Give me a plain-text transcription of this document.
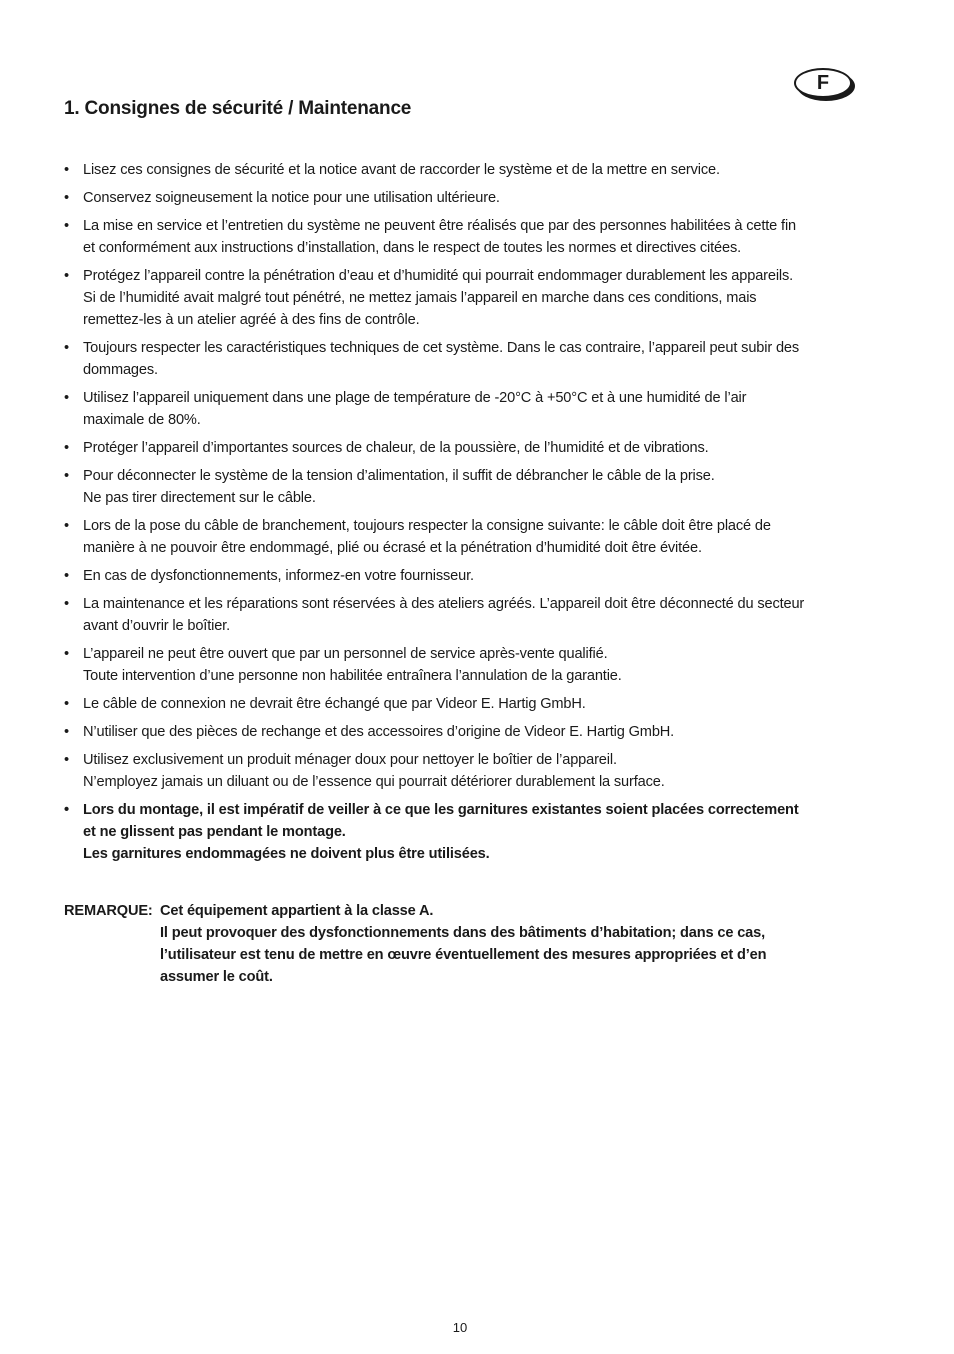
F
1. Consignes de sécurité / Maintenance
• Lisez ces consignes de sécurité et la notice avant de raccorder le système et de la mettre en service.
• Conservez soigneusement la notice pour une utilisation ultérieure.
• La mise en service et l’entretien du système ne peuvent être réalisés que par des personnes habilitées à cette fin
et conformément aux instructions d’installation, dans le respect de toutes les normes et directives citées.
• Protégez l’appareil contre la pénétration d’eau et d’humidité qui pourrait endommager durablement les appareils.
Si de l’humidité avait malgré tout pénétré, ne mettez jamais l’appareil en marche dans ces conditions, mais
remettez-les à un atelier agréé à des fins de contrôle.
• Toujours respecter les caractéristiques techniques de cet système. Dans le cas contraire, l’appareil peut subir des
dommages.
• Utilisez l’appareil uniquement dans une plage de température de -20°C à +50°C et à une humidité de l’air
maximale de 80%.
• Protéger l’appareil d’importantes sources de chaleur, de la poussière, de l’humidité et de vibrations.
• Pour déconnecter le système de la tension d’alimentation, il suffit de débrancher le câble de la prise.
Ne pas tirer directement sur le câble.
• Lors de la pose du câble de branchement, toujours respecter la consigne suivante: le câble doit être placé de
manière à ne pouvoir être endommagé, plié ou écrasé et la pénétration d’humidité doit être évitée.
• En cas de dysfonctionnements, informez-en votre fournisseur.
• La maintenance et les réparations sont réservées à des ateliers agréés. L’appareil doit être déconnecté du secteur
avant d’ouvrir le boîtier.
• L’appareil ne peut être ouvert que par un personnel de service après-vente qualifié.
Toute intervention d’une personne non habilitée entraînera l’annulation de la garantie.
• Le câble de connexion ne devrait être échangé que par Videor E. Hartig GmbH.
• N’utiliser que des pièces de rechange et des accessoires d’origine de Videor E. Hartig GmbH.
• Utilisez exclusivement un produit ménager doux pour nettoyer le boîtier de l’appareil.
N’employez jamais un diluant ou de l’essence qui pourrait détériorer durablement la surface.
• Lors du montage, il est impératif de veiller à ce que les garnitures existantes soient placées correctement
et ne glissent pas pendant le montage.
Les garnitures endommagées ne doivent plus être utilisées.
REMARQUE: Cet équipement appartient à la classe A.
Il peut provoquer des dysfonctionnements dans des bâtiments d’habitation; dans ce cas,
l’utilisateur est tenu de mettre en œuvre éventuellement des mesures appropriées et d’en
assumer le coût.
10
